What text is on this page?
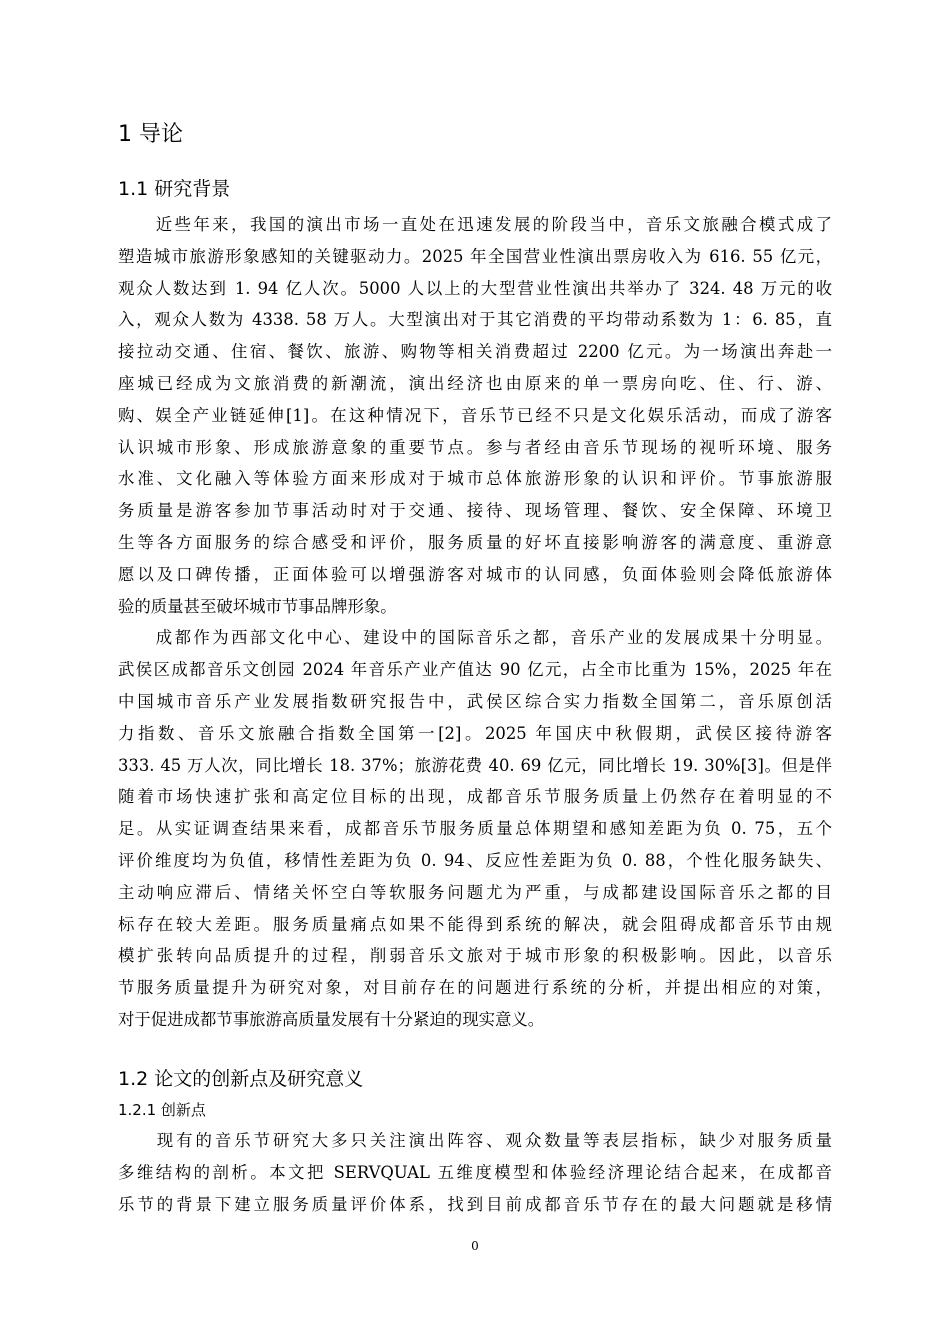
1 导论
1.1 研究背景
　　近些年来，我国的演出市场一直处在迅速发展的阶段当中，音乐文旅融合模式成了
塑造城市旅游形象感知的关键驱动力。2025 年全国营业性演出票房收入为 616. 55 亿元，
观众人数达到 1. 94 亿人次。5000 人以上的大型营业性演出共举办了 324. 48 万元的收
入，观众人数为 4338. 58 万人。大型演出对于其它消费的平均带动系数为 1：6. 85，直
接拉动交通、住宿、餐饮、旅游、购物等相关消费超过 2200 亿元。为一场演出奔赴一
座城已经成为文旅消费的新潮流，演出经济也由原来的单一票房向吃、住、行、游、
购、娱全产业链延伸[1]。在这种情况下，音乐节已经不只是文化娱乐活动，而成了游客
认识城市形象、形成旅游意象的重要节点。参与者经由音乐节现场的视听环境、服务
水准、文化融入等体验方面来形成对于城市总体旅游形象的认识和评价。节事旅游服
务质量是游客参加节事活动时对于交通、接待、现场管理、餐饮、安全保障、环境卫
生等各方面服务的综合感受和评价，服务质量的好坏直接影响游客的满意度、重游意
愿以及口碑传播，正面体验可以增强游客对城市的认同感，负面体验则会降低旅游体
验的质量甚至破坏城市节事品牌形象。
　　成都作为西部文化中心、建设中的国际音乐之都，音乐产业的发展成果十分明显。
武侯区成都音乐文创园 2024 年音乐产业产值达 90 亿元，占全市比重为 15%，2025 年在
中国城市音乐产业发展指数研究报告中，武侯区综合实力指数全国第二，音乐原创活
力指数、音乐文旅融合指数全国第一[2]。2025 年国庆中秋假期，武侯区接待游客
333. 45 万人次，同比增长 18. 37%；旅游花费 40. 69 亿元，同比增长 19. 30%[3]。但是伴
随着市场快速扩张和高定位目标的出现，成都音乐节服务质量上仍然存在着明显的不
足。从实证调查结果来看，成都音乐节服务质量总体期望和感知差距为负 0. 75，五个
评价维度均为负值，移情性差距为负 0. 94、反应性差距为负 0. 88，个性化服务缺失、
主动响应滞后、情绪关怀空白等软服务问题尤为严重，与成都建设国际音乐之都的目
标存在较大差距。服务质量痛点如果不能得到系统的解决，就会阻碍成都音乐节由规
模扩张转向品质提升的过程，削弱音乐文旅对于城市形象的积极影响。因此，以音乐
节服务质量提升为研究对象，对目前存在的问题进行系统的分析，并提出相应的对策，
对于促进成都节事旅游高质量发展有十分紧迫的现实意义。
1.2 论文的创新点及研究意义
1.2.1 创新点
　　现有的音乐节研究大多只关注演出阵容、观众数量等表层指标，缺少对服务质量
多维结构的剖析。本文把 SERVQUAL 五维度模型和体验经济理论结合起来，在成都音
乐节的背景下建立服务质量评价体系，找到目前成都音乐节存在的最大问题就是移情
0
